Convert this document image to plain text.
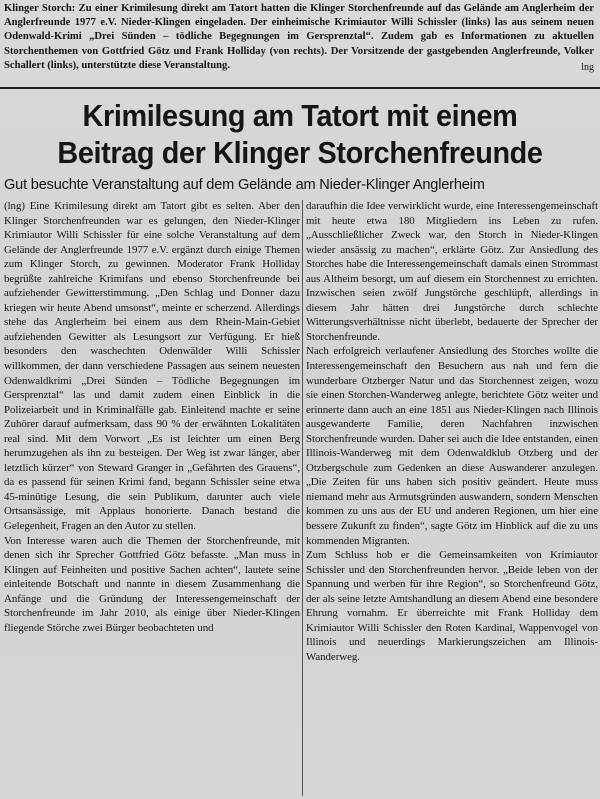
Klinger Storch: Zu einer Krimilesung direkt am Tatort hatten die Klinger Storchenfreunde auf das Gelände am Anglerheim der Anglerfreunde 1977 e.V. Nieder-Klingen eingeladen. Der einheimische Krimiautor Willi Schissler (links) las aus seinem neuen Odenwald-Krimi „Drei Sünden – tödliche Begegnungen im Gersprenztal“. Zudem gab es Informationen zu aktuellen Storchenthemen von Gottfried Götz und Frank Holliday (von rechts). Der Vorsitzende der gastgebenden Anglerfreunde, Volker Schallert (links), unterstützte diese Veranstaltung.	lng
Krimilesung am Tatort mit einem
Beitrag der Klinger Storchenfreunde
Gut besuchte Veranstaltung auf dem Gelände am Nieder-Klinger Anglerheim

(lng) Eine Krimilesung direkt am Tatort gibt es selten. Aber den Klinger Storchenfreunden war es gelungen, den Nieder-Klinger Krimiautor Willi Schissler für eine solche Veranstaltung auf dem Gelände der Anglerfreunde 1977 e.V. ergänzt durch einige Themen zum Klinger Storch, zu gewinnen. Moderator Frank Holliday begrüßte zahlreiche Krimifans und ebenso Storchenfreunde bei aufziehender Gewitterstimmung. „Den Schlag und Donner dazu kriegen wir heute Abend umsonst“, meinte er scherzend. Allerdings stehe das Anglerheim bei einem aus dem Rhein-Main-Gebiet aufziehenden Gewitter als Lesungsort zur Verfügung. Er hieß besonders den waschechten Odenwälder Willi Schissler willkommen, der dann verschiedene Passagen aus seinem neuesten Odenwaldkrimi „Drei Sünden – Tödliche Begegnungen im Gersprenztal“ las und damit zudem einen Einblick in die Polizeiarbeit und in Kriminalfälle gab. Einleitend machte er seine Zuhörer darauf aufmerksam, dass 90 % der erwähnten Lokalitäten real sind. Mit dem Vorwort „Es ist leichter um einen Berg herumzugehen als ihn zu besteigen. Der Weg ist zwar länger, aber letztlich kürzer“ von Steward Granger in „Gefährten des Grauens“, da es passend für seinen Krimi fand, begann Schissler seine etwa 45-minütige Lesung, die sein Publikum, darunter auch viele Ortsansässige, mit Applaus honorierte. Danach bestand die Gelegenheit, Fragen an den Autor zu stellen.

Von Interesse waren auch die Themen der Storchenfreunde, mit denen sich ihr Sprecher Gottfried Götz befasste. „Man muss in Klingen auf Feinheiten und positive Sachen achten“, lautete seine einleitende Botschaft und nannte in diesem Zusammenhang die Anfänge und die Gründung der Interessengemeinschaft der Storchenfreunde im Jahr 2010, als einige über Nieder-Klingen fliegende Störche zwei Bürger beobachteten und

daraufhin die Idee verwirklicht wurde, eine Interessengemeinschaft mit heute etwa 180 Mitgliedern ins Leben zu rufen. „Ausschließlicher Zweck war, den Storch in Nieder-Klingen wieder ansässig zu machen“, erklärte Götz. Zur Ansiedlung des Storches habe die Interessengemeinschaft damals einen Strommast aus Altheim besorgt, um auf diesem ein Storchennest zu errichten. Inzwischen seien zwölf Jungstörche geschlüpft, allerdings in diesem Jahr hätten drei Jungstörche durch schlechte Witterungsverhältnisse nicht überlebt, bedauerte der Sprecher der Storchenfreunde.

Nach erfolgreich verlaufener Ansiedlung des Storches wollte die Interessengemeinschaft den Besuchern aus nah und fern die wunderbare Otzberger Natur und das Storchennest zeigen, wozu sie einen Storchen-Wanderweg anlegte, berichtete Götz weiter und erinnerte dann auch an eine 1851 aus Nieder-Klingen nach Illinois ausgewanderte Familie, deren Nachfahren inzwischen Storchenfreunde wurden. Daher sei auch die Idee entstanden, einen Illinois-Wanderweg mit dem Odenwaldklub Otzberg und der Otzbergschule zum Gedenken an diese Auswanderer anzulegen. „Die Zeiten für uns haben sich positiv geändert. Heute muss niemand mehr aus Armutsgründen auswandern, sondern Menschen kommen zu uns aus der EU und anderen Regionen, um hier eine bessere Zukunft zu finden“, sagte Götz im Hinblick auf die zu uns kommenden Migranten.

Zum Schluss hob er die Gemeinsamkeiten von Krimiautor Schissler und den Storchenfreunden hervor. „Beide leben von der Spannung und werben für ihre Region“, so Storchenfreund Götz, der als seine letzte Amtshandlung an diesem Abend eine besondere Ehrung vornahm. Er überreichte mit Frank Holliday dem Krimiautor Willi Schissler den Roten Kardinal, Wappenvogel von Illinois und neuerdings Markierungszeichen am Illinois-Wanderweg.
